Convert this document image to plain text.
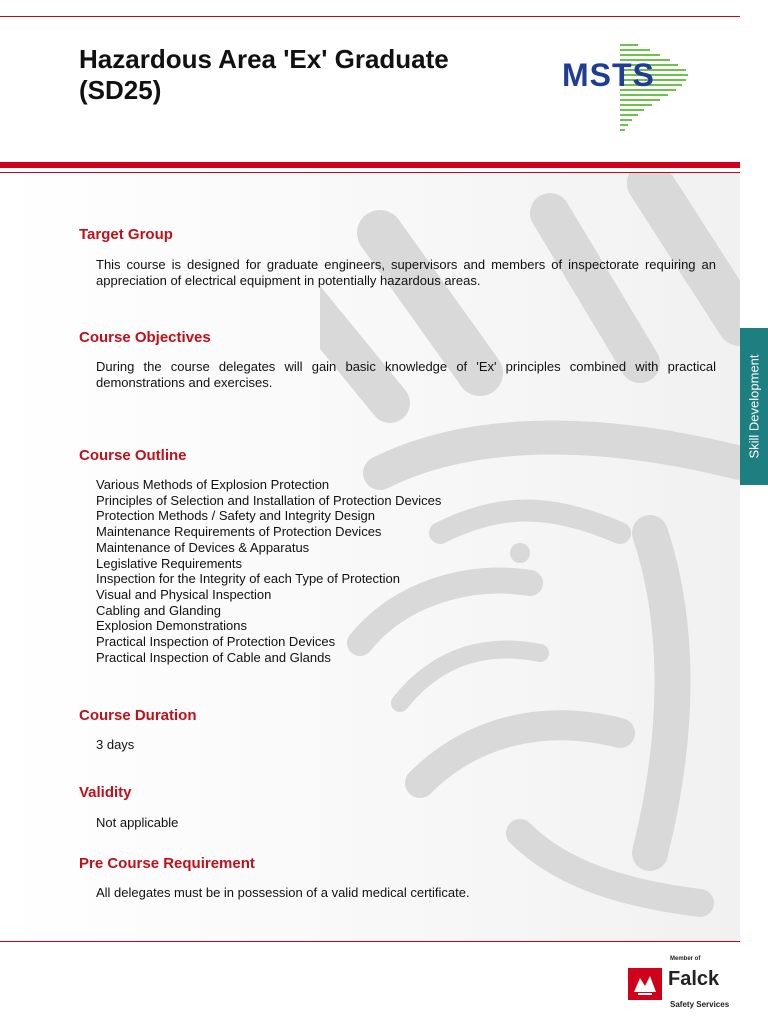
Hazardous Area 'Ex' Graduate
(SD25)	MSTS
Skill Development
Target Group
This course is designed for graduate engineers, supervisors and members of inspectorate requiring an appreciation of electrical equipment in potentially hazardous areas.
Course Objectives
During the course delegates will gain basic knowledge of 'Ex' principles combined with practical demonstrations and exercises.
Course Outline
Various Methods of Explosion Protection
Principles of Selection and Installation of Protection Devices
Protection Methods / Safety and Integrity Design
Maintenance Requirements of Protection Devices
Maintenance of Devices & Apparatus
Legislative Requirements
Inspection for the Integrity of each Type of Protection
Visual and Physical Inspection
Cabling and Glanding
Explosion Demonstrations
Practical Inspection of Protection Devices
Practical Inspection of Cable and Glands
Course Duration
3 days
Validity
Not applicable
Pre Course Requirement
All delegates must be in possession of a valid medical certificate.
Member of
Falck
Safety Services
